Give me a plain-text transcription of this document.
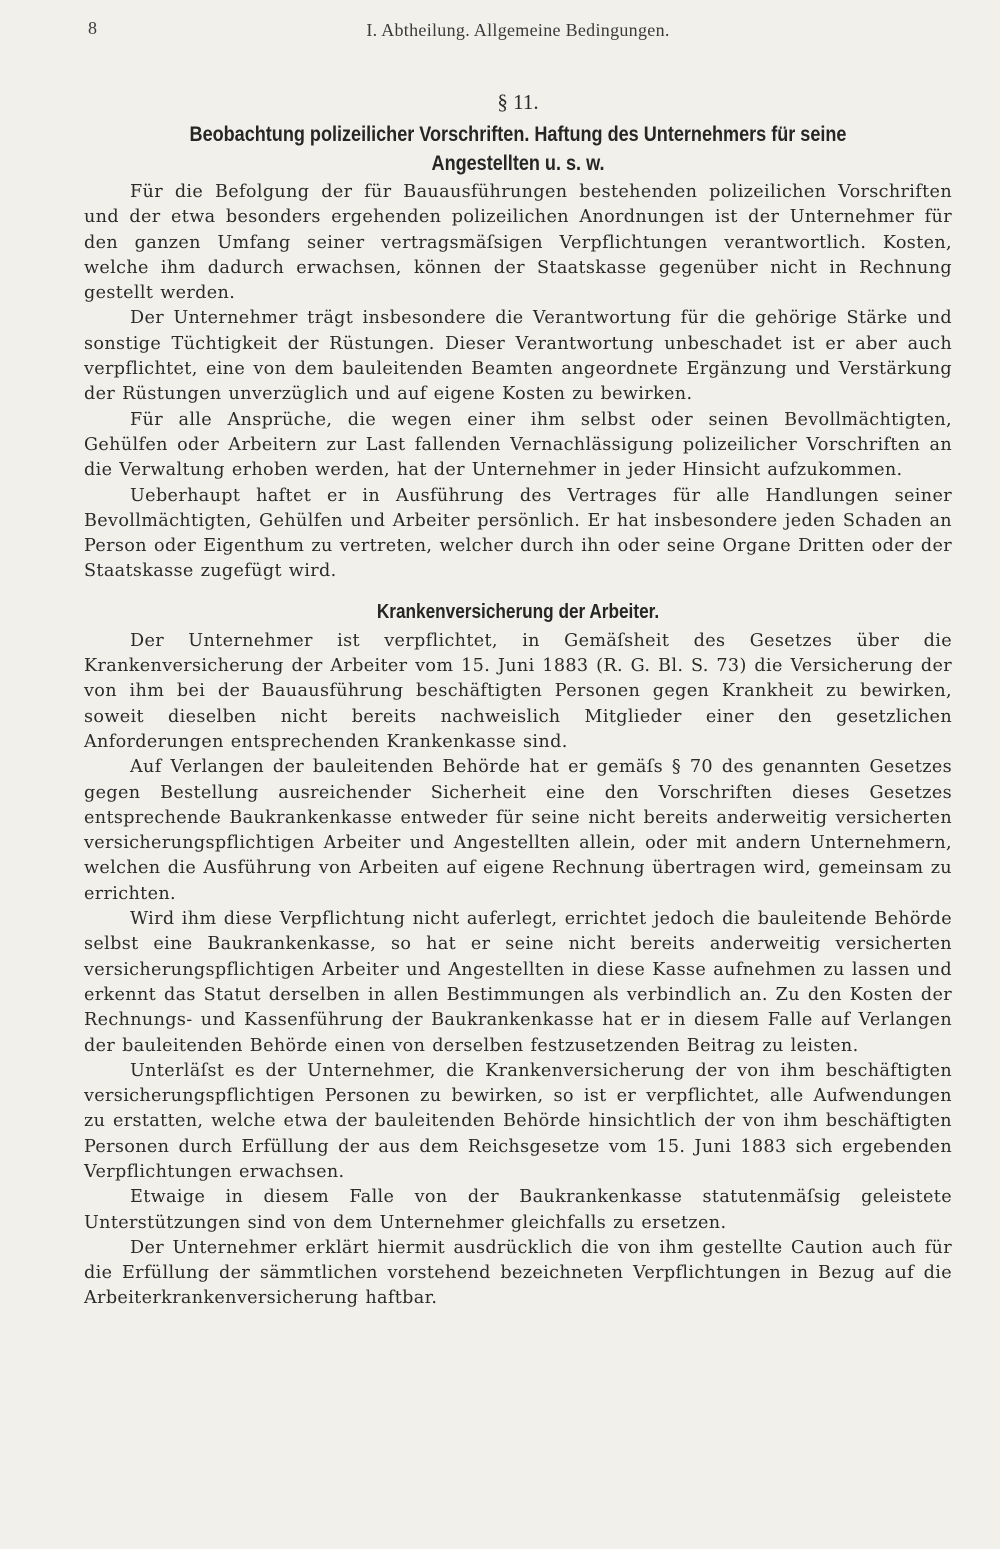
8	I. Abtheilung. Allgemeine Bedingungen.
§ 11.
Beobachtung polizeilicher Vorschriften. Haftung des Unternehmers für seine Angestellten u. s. w.

Für die Befolgung der für Bauausführungen bestehenden polizeilichen Vorschriften und der etwa besonders ergehenden polizeilichen Anordnungen ist der Unternehmer für den ganzen Umfang seiner vertragsmäſsigen Verpflichtungen verantwortlich. Kosten, welche ihm dadurch erwachsen, können der Staatskasse gegenüber nicht in Rechnung gestellt werden.

Der Unternehmer trägt insbesondere die Verantwortung für die gehörige Stärke und sonstige Tüchtigkeit der Rüstungen. Dieser Verantwortung unbeschadet ist er aber auch verpflichtet, eine von dem bauleitenden Beamten angeordnete Ergänzung und Verstärkung der Rüstungen unverzüglich und auf eigene Kosten zu bewirken.

Für alle Ansprüche, die wegen einer ihm selbst oder seinen Bevollmächtigten, Gehülfen oder Arbeitern zur Last fallenden Vernachlässigung polizeilicher Vorschriften an die Verwaltung erhoben werden, hat der Unternehmer in jeder Hinsicht aufzukommen.

Ueberhaupt haftet er in Ausführung des Vertrages für alle Handlungen seiner Bevollmächtigten, Gehülfen und Arbeiter persönlich. Er hat insbesondere jeden Schaden an Person oder Eigenthum zu vertreten, welcher durch ihn oder seine Organe Dritten oder der Staatskasse zugefügt wird.

Krankenversicherung der Arbeiter.

Der Unternehmer ist verpflichtet, in Gemäſsheit des Gesetzes über die Krankenversicherung der Arbeiter vom 15. Juni 1883 (R. G. Bl. S. 73) die Versicherung der von ihm bei der Bauausführung beschäftigten Personen gegen Krankheit zu bewirken, soweit dieselben nicht bereits nachweislich Mitglieder einer den gesetzlichen Anforderungen entsprechenden Krankenkasse sind.

Auf Verlangen der bauleitenden Behörde hat er gemäſs § 70 des genannten Gesetzes gegen Bestellung ausreichender Sicherheit eine den Vorschriften dieses Gesetzes entsprechende Baukrankenkasse entweder für seine nicht bereits anderweitig versicherten versicherungspflichtigen Arbeiter und Angestellten allein, oder mit andern Unternehmern, welchen die Ausführung von Arbeiten auf eigene Rechnung übertragen wird, gemeinsam zu errichten.

Wird ihm diese Verpflichtung nicht auferlegt, errichtet jedoch die bauleitende Behörde selbst eine Baukrankenkasse, so hat er seine nicht bereits anderweitig versicherten versicherungspflichtigen Arbeiter und Angestellten in diese Kasse aufnehmen zu lassen und erkennt das Statut derselben in allen Bestimmungen als verbindlich an. Zu den Kosten der Rechnungs- und Kassenführung der Baukrankenkasse hat er in diesem Falle auf Verlangen der bauleitenden Behörde einen von derselben festzusetzenden Beitrag zu leisten.

Unterläſst es der Unternehmer, die Krankenversicherung der von ihm beschäftigten versicherungspflichtigen Personen zu bewirken, so ist er verpflichtet, alle Aufwendungen zu erstatten, welche etwa der bauleitenden Behörde hinsichtlich der von ihm beschäftigten Personen durch Erfüllung der aus dem Reichsgesetze vom 15. Juni 1883 sich ergebenden Verpflichtungen erwachsen.

Etwaige in diesem Falle von der Baukrankenkasse statutenmäſsig geleistete Unterstützungen sind von dem Unternehmer gleichfalls zu ersetzen.

Der Unternehmer erklärt hiermit ausdrücklich die von ihm gestellte Caution auch für die Erfüllung der sämmtlichen vorstehend bezeichneten Verpflichtungen in Bezug auf die Arbeiterkrankenversicherung haftbar.
